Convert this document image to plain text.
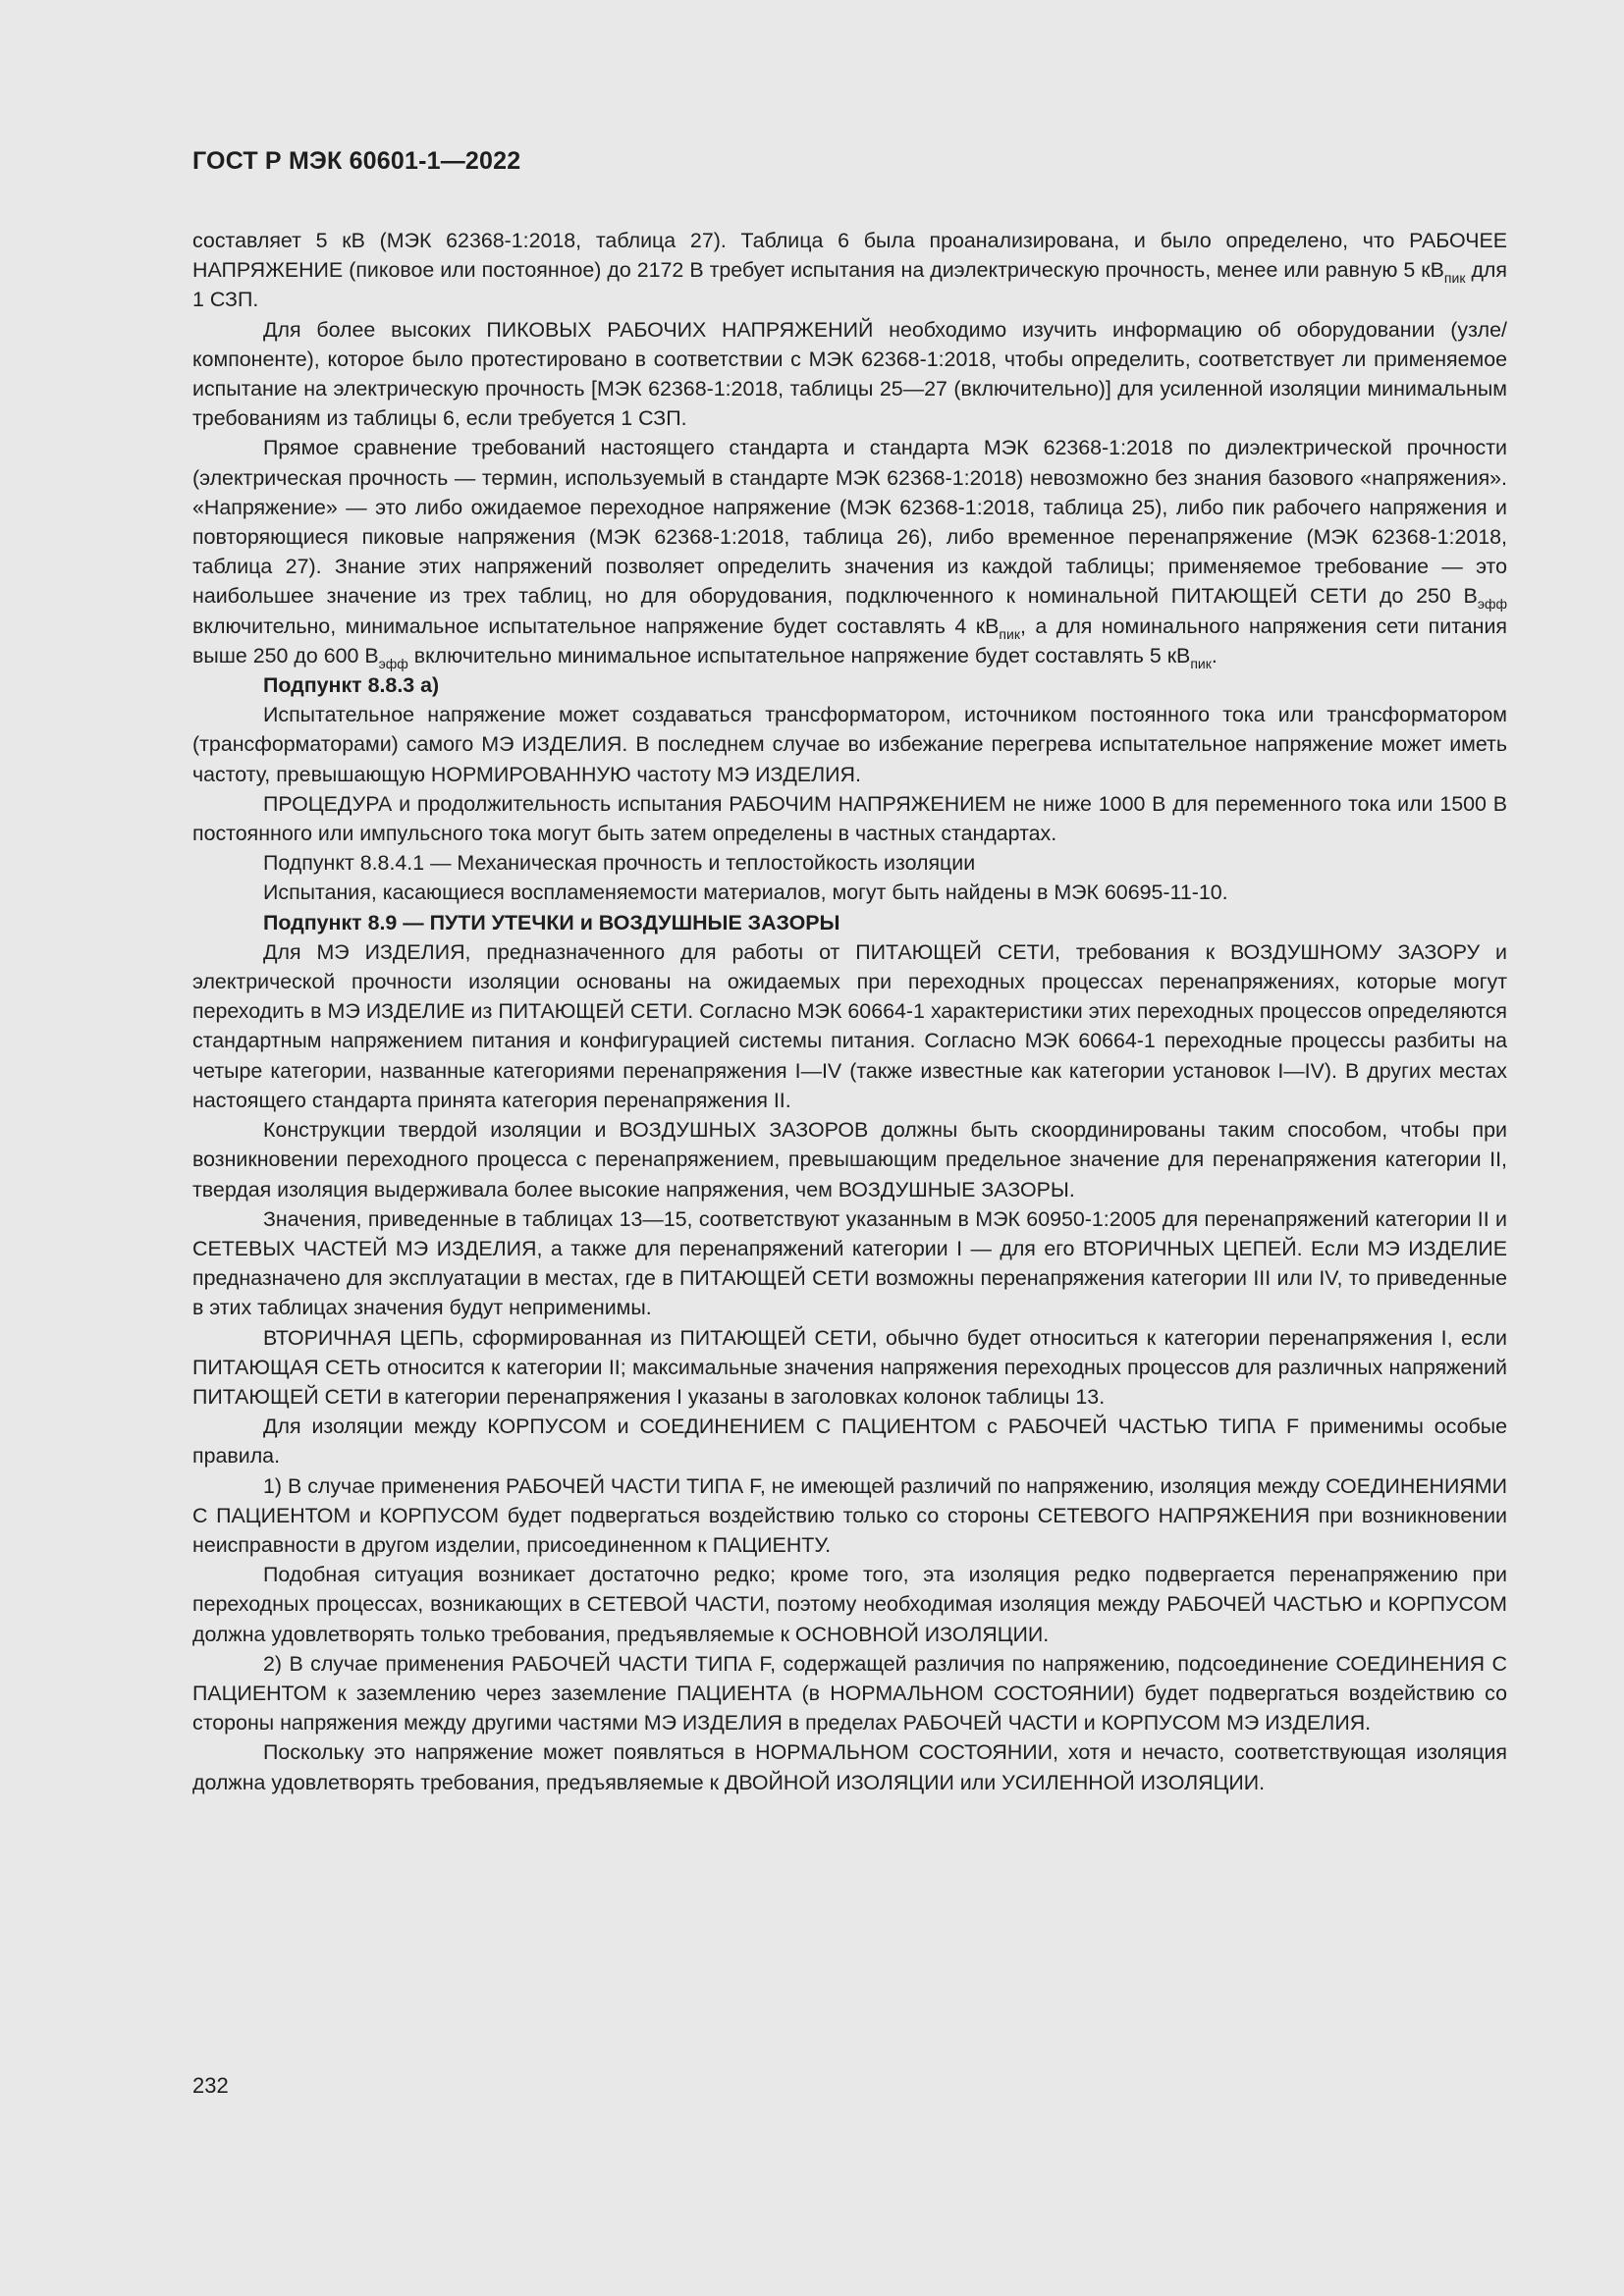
ГОСТ Р МЭК 60601-1—2022

составляет 5 кВ (МЭК 62368-1:2018, таблица 27). Таблица 6 была проанализирована, и было определено, что РАБОЧЕЕ НАПРЯЖЕНИЕ (пиковое или постоянное) до 2172 В требует испытания на диэлектрическую прочность, менее или равную 5 $кВ_{пик}$ для 1 СЗП.

Для более высоких ПИКОВЫХ РАБОЧИХ НАПРЯЖЕНИЙ необходимо изучить информацию об оборудовании (узле/компоненте), которое было протестировано в соответствии с МЭК 62368-1:2018, чтобы определить, соответствует ли применяемое испытание на электрическую прочность [МЭК 62368-1:2018, таблицы 25—27 (включительно)] для усиленной изоляции минимальным требованиям из таблицы 6, если требуется 1 СЗП.

Прямое сравнение требований настоящего стандарта и стандарта МЭК 62368-1:2018 по диэлектрической прочности (электрическая прочность — термин, используемый в стандарте МЭК 62368-1:2018) невозможно без знания базового «напряжения». «Напряжение» — это либо ожидаемое переходное напряжение (МЭК 62368-1:2018, таблица 25), либо пик рабочего напряжения и повторяющиеся пиковые напряжения (МЭК 62368-1:2018, таблица 26), либо временное перенапряжение (МЭК 62368-1:2018, таблица 27). Знание этих напряжений позволяет определить значения из каждой таблицы; применяемое требование — это наибольшее значение из трех таблиц, но для оборудования, подключенного к номинальной ПИТАЮЩЕЙ СЕТИ до 250 $В_{эфф}$ включительно, минимальное испытательное напряжение будет составлять 4 $кВ_{пик}$, а для номинального напряжения сети питания выше 250 до 600 $В_{эфф}$ включительно минимальное испытательное напряжение будет составлять 5 $кВ_{пик}$.

Подпункт 8.8.3 а)

Испытательное напряжение может создаваться трансформатором, источником постоянного тока или трансформатором (трансформаторами) самого МЭ ИЗДЕЛИЯ. В последнем случае во избежание перегрева испытательное напряжение может иметь частоту, превышающую НОРМИРОВАННУЮ частоту МЭ ИЗДЕЛИЯ.

ПРОЦЕДУРА и продолжительность испытания РАБОЧИМ НАПРЯЖЕНИЕМ не ниже 1000 В для переменного тока или 1500 В постоянного или импульсного тока могут быть затем определены в частных стандартах.

Подпункт 8.8.4.1 — Механическая прочность и теплостойкость изоляции

Испытания, касающиеся воспламеняемости материалов, могут быть найдены в МЭК 60695-11-10.

Подпункт 8.9 — ПУТИ УТЕЧКИ и ВОЗДУШНЫЕ ЗАЗОРЫ

Для МЭ ИЗДЕЛИЯ, предназначенного для работы от ПИТАЮЩЕЙ СЕТИ, требования к ВОЗДУШНОМУ ЗАЗОРУ и электрической прочности изоляции основаны на ожидаемых при переходных процессах перенапряжениях, которые могут переходить в МЭ ИЗДЕЛИЕ из ПИТАЮЩЕЙ СЕТИ. Согласно МЭК 60664-1 характеристики этих переходных процессов определяются стандартным напряжением питания и конфигурацией системы питания. Согласно МЭК 60664-1 переходные процессы разбиты на четыре категории, названные категориями перенапряжения I—IV (также известные как категории установок I—IV). В других местах настоящего стандарта принята категория перенапряжения II.

Конструкции твердой изоляции и ВОЗДУШНЫХ ЗАЗОРОВ должны быть скоординированы таким способом, чтобы при возникновении переходного процесса с перенапряжением, превышающим предельное значение для перенапряжения категории II, твердая изоляция выдерживала более высокие напряжения, чем ВОЗДУШНЫЕ ЗАЗОРЫ.

Значения, приведенные в таблицах 13—15, соответствуют указанным в МЭК 60950-1:2005 для перенапряжений категории II и СЕТЕВЫХ ЧАСТЕЙ МЭ ИЗДЕЛИЯ, а также для перенапряжений категории I — для его ВТОРИЧНЫХ ЦЕПЕЙ. Если МЭ ИЗДЕЛИЕ предназначено для эксплуатации в местах, где в ПИТАЮЩЕЙ СЕТИ возможны перенапряжения категории III или IV, то приведенные в этих таблицах значения будут неприменимы.

ВТОРИЧНАЯ ЦЕПЬ, сформированная из ПИТАЮЩЕЙ СЕТИ, обычно будет относиться к категории перенапряжения I, если ПИТАЮЩАЯ СЕТЬ относится к категории II; максимальные значения напряжения переходных процессов для различных напряжений ПИТАЮЩЕЙ СЕТИ в категории перенапряжения I указаны в заголовках колонок таблицы 13.

Для изоляции между КОРПУСОМ и СОЕДИНЕНИЕМ С ПАЦИЕНТОМ с РАБОЧЕЙ ЧАСТЬЮ ТИПА F применимы особые правила.

1) В случае применения РАБОЧЕЙ ЧАСТИ ТИПА F, не имеющей различий по напряжению, изоляция между СОЕДИНЕНИЯМИ С ПАЦИЕНТОМ и КОРПУСОМ будет подвергаться воздействию только со стороны СЕТЕВОГО НАПРЯЖЕНИЯ при возникновении неисправности в другом изделии, присоединенном к ПАЦИЕНТУ.

Подобная ситуация возникает достаточно редко; кроме того, эта изоляция редко подвергается перенапряжению при переходных процессах, возникающих в СЕТЕВОЙ ЧАСТИ, поэтому необходимая изоляция между РАБОЧЕЙ ЧАСТЬЮ и КОРПУСОМ должна удовлетворять только требования, предъявляемые к ОСНОВНОЙ ИЗОЛЯЦИИ.

2) В случае применения РАБОЧЕЙ ЧАСТИ ТИПА F, содержащей различия по напряжению, подсоединение СОЕДИНЕНИЯ С ПАЦИЕНТОМ к заземлению через заземление ПАЦИЕНТА (в НОРМАЛЬНОМ СОСТОЯНИИ) будет подвергаться воздействию со стороны напряжения между другими частями МЭ ИЗДЕЛИЯ в пределах РАБОЧЕЙ ЧАСТИ и КОРПУСОМ МЭ ИЗДЕЛИЯ.

Поскольку это напряжение может появляться в НОРМАЛЬНОМ СОСТОЯНИИ, хотя и нечасто, соответствующая изоляция должна удовлетворять требования, предъявляемые к ДВОЙНОЙ ИЗОЛЯЦИИ или УСИЛЕННОЙ ИЗОЛЯЦИИ.

232
